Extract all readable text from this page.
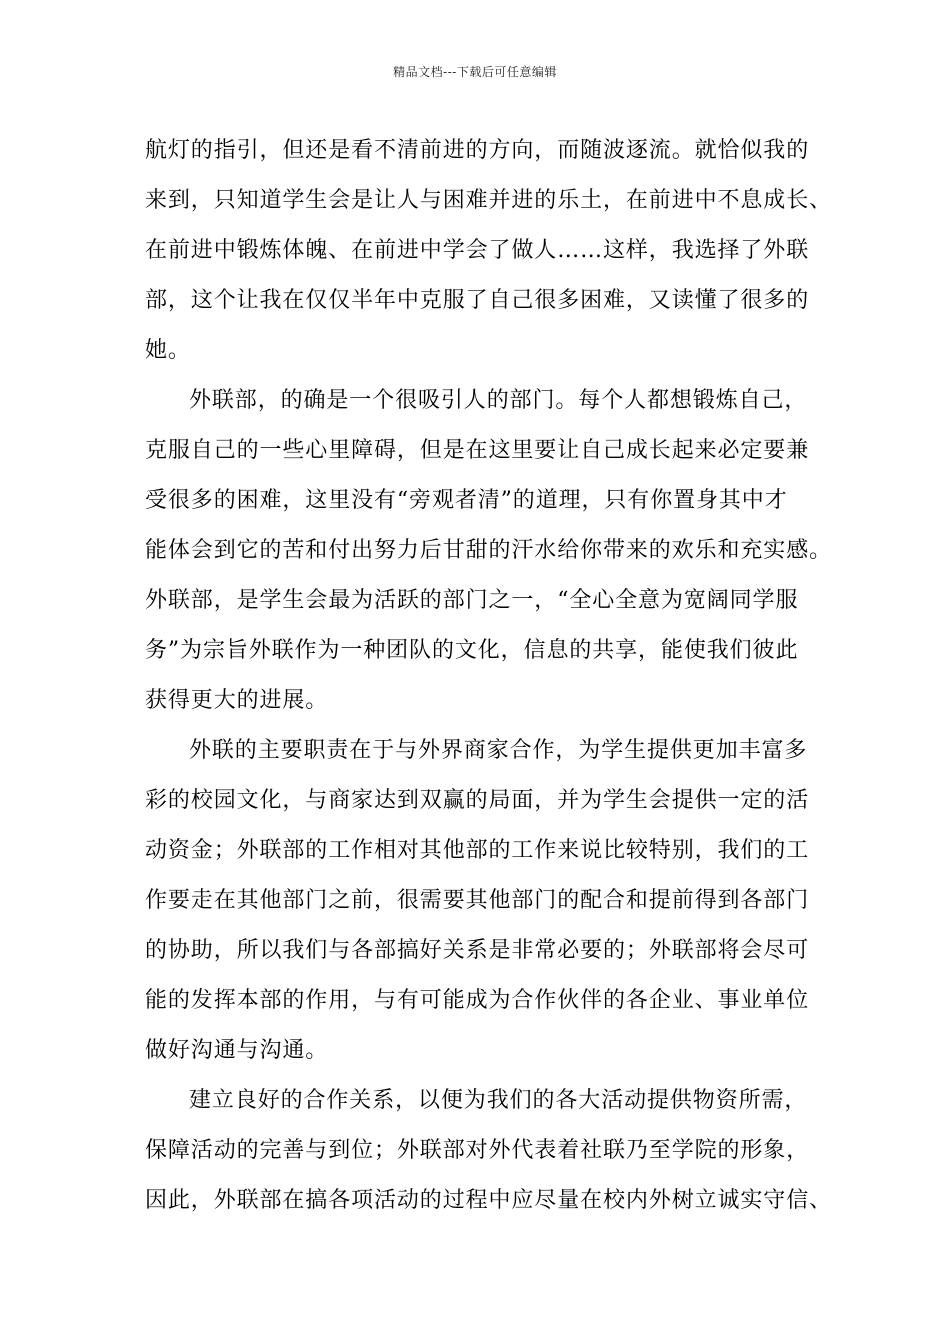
精品文档---下载后可任意编辑
航灯的指引，但还是看不清前进的方向，而随波逐流。就恰似我的
来到，只知道学生会是让人与困难并进的乐土，在前进中不息成长、
在前进中锻炼体魄、在前进中学会了做人……这样，我选择了外联
部，这个让我在仅仅半年中克服了自己很多困难，又读懂了很多的
她。
外联部，的确是一个很吸引人的部门。每个人都想锻炼自己，
克服自己的一些心里障碍，但是在这里要让自己成长起来必定要兼
受很多的困难，这里没有“旁观者清”的道理，只有你置身其中才
能体会到它的苦和付出努力后甘甜的汗水给你带来的欢乐和充实感。
外联部，是学生会最为活跃的部门之一，“全心全意为宽阔同学服
务”为宗旨外联作为一种团队的文化，信息的共享，能使我们彼此
获得更大的进展。
外联的主要职责在于与外界商家合作，为学生提供更加丰富多
彩的校园文化，与商家达到双赢的局面，并为学生会提供一定的活
动资金；外联部的工作相对其他部的工作来说比较特别，我们的工
作要走在其他部门之前，很需要其他部门的配合和提前得到各部门
的协助，所以我们与各部搞好关系是非常必要的；外联部将会尽可
能的发挥本部的作用，与有可能成为合作伙伴的各企业、事业单位
做好沟通与沟通。
建立良好的合作关系，以便为我们的各大活动提供物资所需，
保障活动的完善与到位；外联部对外代表着社联乃至学院的形象，
因此，外联部在搞各项活动的过程中应尽量在校内外树立诚实守信、
